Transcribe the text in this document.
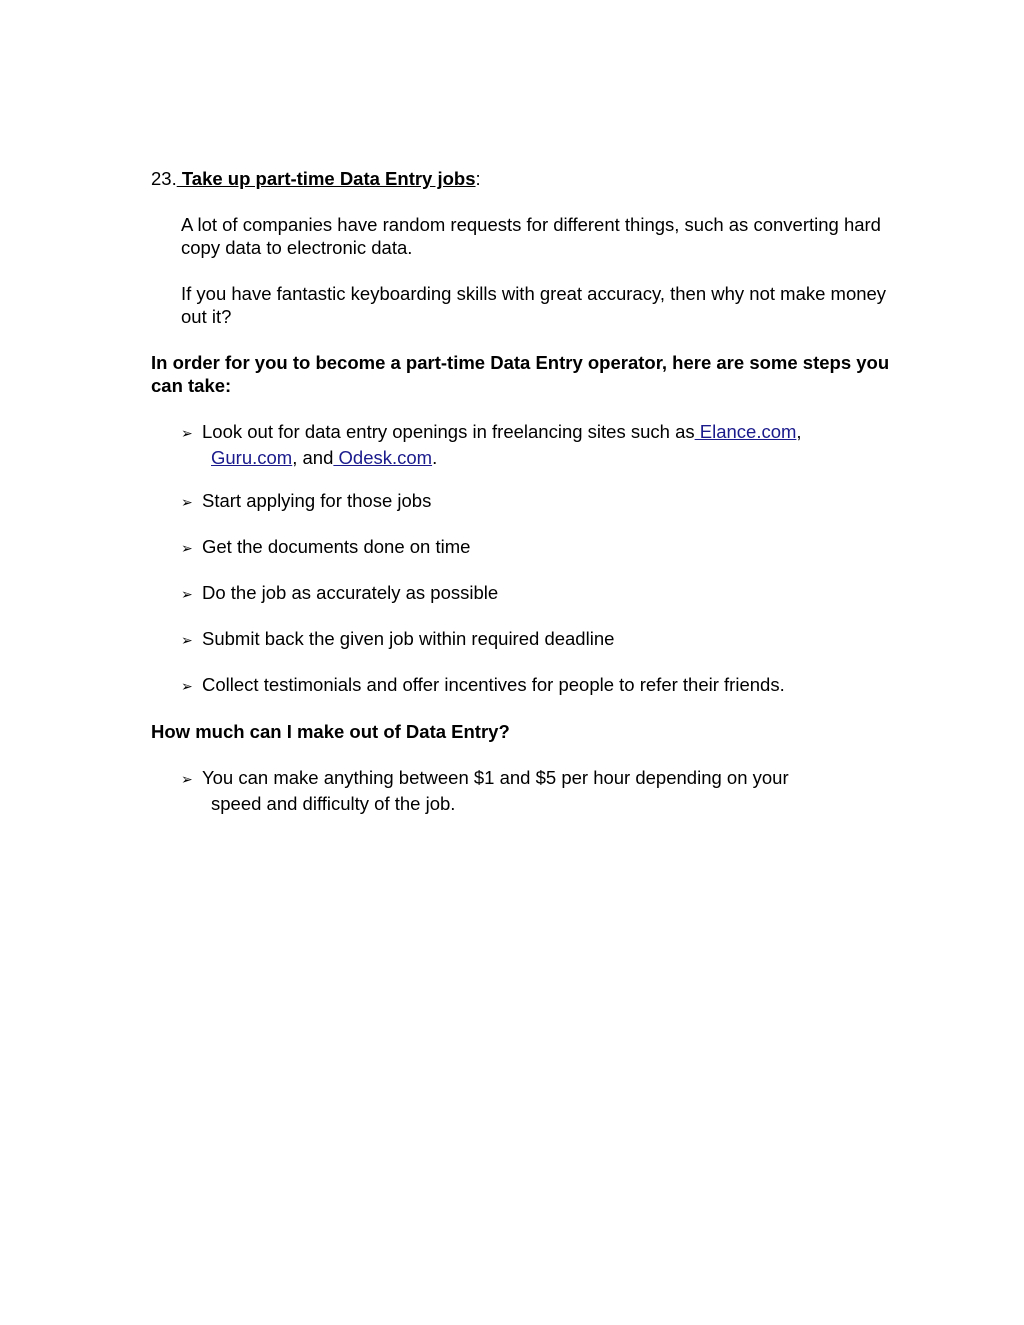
23. Take up part-time Data Entry jobs:

A lot of companies have random requests for different things, such as converting hard copy data to electronic data.

If you have fantastic keyboarding skills with great accuracy, then why not make money out it?

In order for you to become a part-time Data Entry operator, here are some steps you can take:

➢ Look out for data entry openings in freelancing sites such as Elance.com,
Guru.com, and Odesk.com.
➢ Start applying for those jobs
➢ Get the documents done on time
➢ Do the job as accurately as possible
➢ Submit back the given job within required deadline
➢ Collect testimonials and offer incentives for people to refer their friends.

How much can I make out of Data Entry?

➢ You can make anything between $1 and $5 per hour depending on your
speed and difficulty of the job.
